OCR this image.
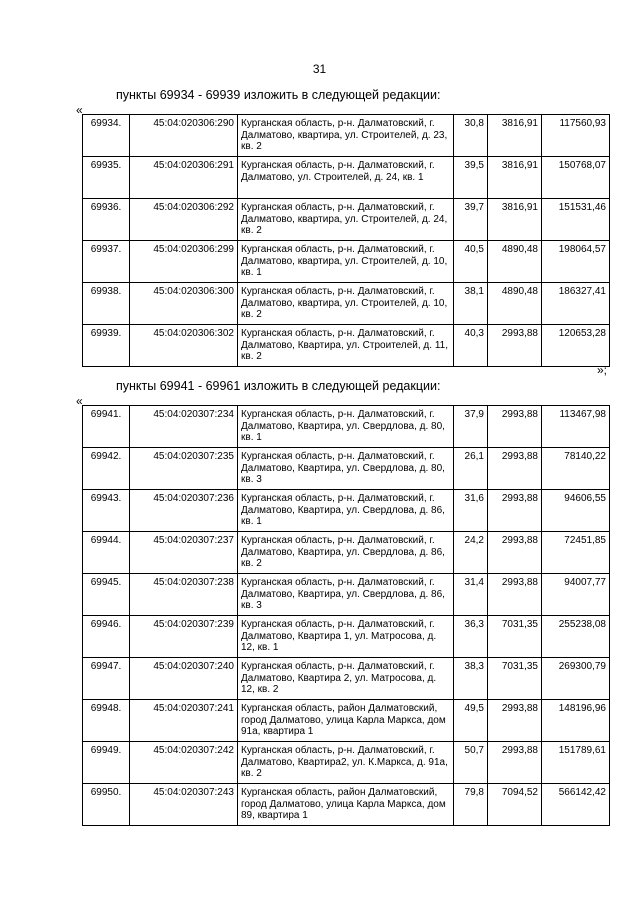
31
пункты 69934 - 69939 изложить в следующей редакции:
«
69934.	45:04:020306:290	Курганская область, р-н. Далматовский, г. Далматово, квартира, ул. Строителей, д. 23, кв. 2	30,8	3816,91	117560,93
69935.	45:04:020306:291	Курганская область, р-н. Далматовский, г. Далматово, ул. Строителей, д. 24, кв. 1	39,5	3816,91	150768,07
69936.	45:04:020306:292	Курганская область, р-н. Далматовский, г. Далматово, квартира, ул. Строителей, д. 24, кв. 2	39,7	3816,91	151531,46
69937.	45:04:020306:299	Курганская область, р-н. Далматовский, г. Далматово, квартира, ул. Строителей, д. 10, кв. 1	40,5	4890,48	198064,57
69938.	45:04:020306:300	Курганская область, р-н. Далматовский, г. Далматово, квартира, ул. Строителей, д. 10, кв. 2	38,1	4890,48	186327,41
69939.	45:04:020306:302	Курганская область, р-н. Далматовский, г. Далматово, Квартира, ул. Строителей, д. 11, кв. 2	40,3	2993,88	120653,28
»;
пункты 69941 - 69961 изложить в следующей редакции:
«
69941.	45:04:020307:234	Курганская область, р-н. Далматовский, г. Далматово, Квартира, ул. Свердлова, д. 80, кв. 1	37,9	2993,88	113467,98
69942.	45:04:020307:235	Курганская область, р-н. Далматовский, г. Далматово, Квартира, ул. Свердлова, д. 80, кв. 3	26,1	2993,88	78140,22
69943.	45:04:020307:236	Курганская область, р-н. Далматовский, г. Далматово, Квартира, ул. Свердлова, д. 86, кв. 1	31,6	2993,88	94606,55
69944.	45:04:020307:237	Курганская область, р-н. Далматовский, г. Далматово, Квартира, ул. Свердлова, д. 86, кв. 2	24,2	2993,88	72451,85
69945.	45:04:020307:238	Курганская область, р-н. Далматовский, г. Далматово, Квартира, ул. Свердлова, д. 86, кв. 3	31,4	2993,88	94007,77
69946.	45:04:020307:239	Курганская область, р-н. Далматовский, г. Далматово, Квартира 1, ул. Матросова, д. 12, кв. 1	36,3	7031,35	255238,08
69947.	45:04:020307:240	Курганская область, р-н. Далматовский, г. Далматово, Квартира 2, ул. Матросова, д. 12, кв. 2	38,3	7031,35	269300,79
69948.	45:04:020307:241	Курганская область, район Далматовский, город Далматово, улица Карла Маркса, дом 91а, квартира 1	49,5	2993,88	148196,96
69949.	45:04:020307:242	Курганская область, р-н. Далматовский, г. Далматово, Квартира2, ул. К.Маркса, д. 91а, кв. 2	50,7	2993,88	151789,61
69950.	45:04:020307:243	Курганская область, район Далматовский, город Далматово, улица Карла Маркса, дом 89, квартира 1	79,8	7094,52	566142,42
